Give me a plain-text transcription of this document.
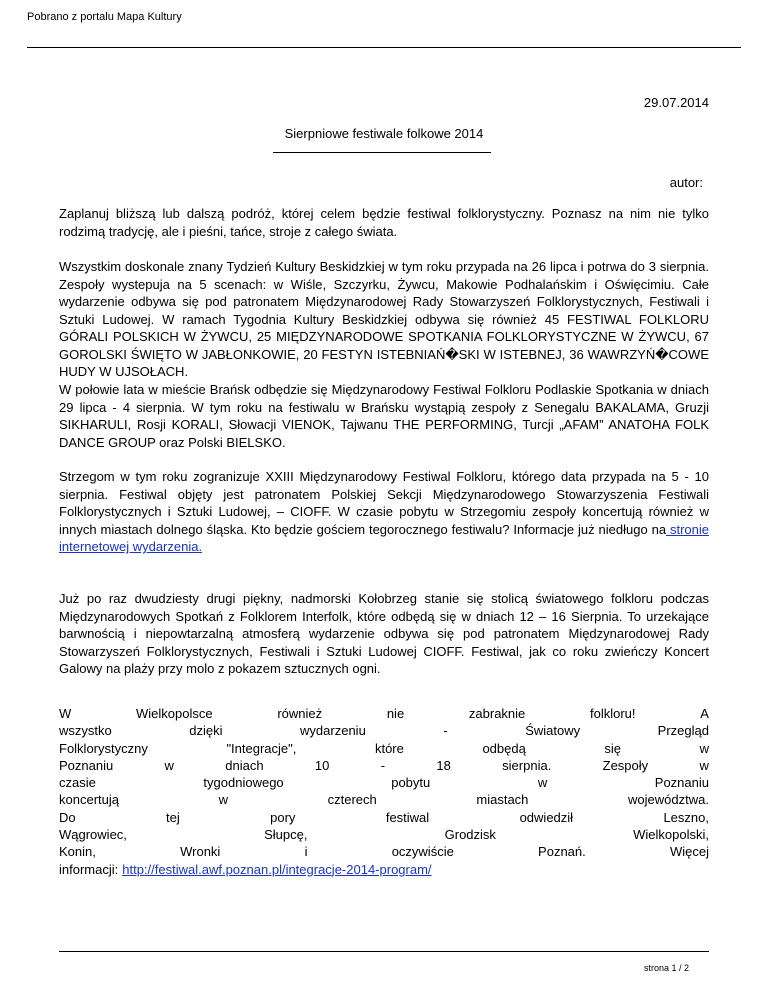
Pobrano z portalu Mapa Kultury
29.07.2014
Sierpniowe festiwale folkowe 2014
autor:

Zaplanuj bliższą lub dalszą podróż, której celem będzie festiwal folklorystyczny. Poznasz na nim nie tylko rodzimą tradycję, ale i pieśni, tańce, stroje z całego świata.

Wszystkim doskonale znany Tydzień Kultury Beskidzkiej w tym roku przypada na 26 lipca i potrwa do 3 sierpnia. Zespoły wystepuja na 5 scenach: w Wiśle, Szczyrku, Żywcu, Makowie Podhalańskim i Oświęcimiu. Całe wydarzenie odbywa się pod patronatem Międzynarodowej Rady Stowarzyszeń Folklorystycznych, Festiwali i Sztuki Ludowej. W ramach Tygodnia Kultury Beskidzkiej odbywa się również 45 FESTIWAL FOLKLORU GÓRALI POLSKICH W ŻYWCU, 25 MIĘDZYNARODOWE SPOTKANIA FOLKLORYSTYCZNE W ŻYWCU, 67 GOROLSKI ŚWIĘTO W JABŁONKOWIE, 20 FESTYN ISTEBNIAŃ�SKI W ISTEBNEJ, 36 WAWRZYŃ�COWE HUDY W UJSOŁACH.

W połowie lata w mieście Brańsk odbędzie się Międzynarodowy Festiwal Folkloru Podlaskie Spotkania w dniach 29 lipca - 4 sierpnia. W tym roku na festiwalu w Brańsku wystąpią zespoły z Senegalu BAKALAMA, Gruzji SIKHARULI, Rosji KORALI, Słowacji VIENOK, Tajwanu THE PERFORMING, Turcji „AFAM” ANATOHA FOLK DANCE GROUP oraz Polski BIELSKO.

Strzegom w tym roku zogranizuje XXIII Międzynarodowy Festiwal Folkloru, którego data przypada na 5 - 10 sierpnia. Festiwal objęty jest patronatem Polskiej Sekcji Międzynarodowego Stowarzyszenia Festiwali Folklorystycznych i Sztuki Ludowej, – CIOFF. W czasie pobytu w Strzegomiu zespoły koncertują również w innych miastach dolnego śląska. Kto będzie gościem tegorocznego festiwalu? Informacje już niedługo na stronie internetowej wydarzenia.

Już po raz dwudziesty drugi piękny, nadmorski Kołobrzeg stanie się stolicą światowego folkloru podczas Międzynarodowych Spotkań z Folklorem Interfolk, które odbędą się w dniach 12 – 16 Sierpnia. To urzekające barwnością i niepowtarzalną atmosferą wydarzenie odbywa się pod patronatem Międzynarodowej Rady Stowarzyszeń Folklorystycznych, Festiwali i Sztuki Ludowej CIOFF. Festiwal, jak co roku zwieńczy Koncert Galowy na plaży przy molo z pokazem sztucznych ogni.

W	Wielkopolsce	również	nie	zabraknie	folkloru!	A
wszystko	dzięki	wydarzeniu	-	Światowy	Przegląd
Folklorystyczny	"Integracje",	które	odbędą	się	w
Poznaniu	w	dniach	10	-	18	sierpnia.	Zespoły	w
czasie	tygodniowego	pobytu	w	Poznaniu
koncertują	w	czterech	miastach	województwa.
Do	tej	pory	festiwal	odwiedził	Leszno,
Wągrowiec,	Słupcę,	Grodzisk	Wielkopolski,
Konin,	Wronki	i	oczywiście	Poznań.	Więcej
informacji: http://festiwal.awf.poznan.pl/integracje-2014-program/
strona 1 / 2
